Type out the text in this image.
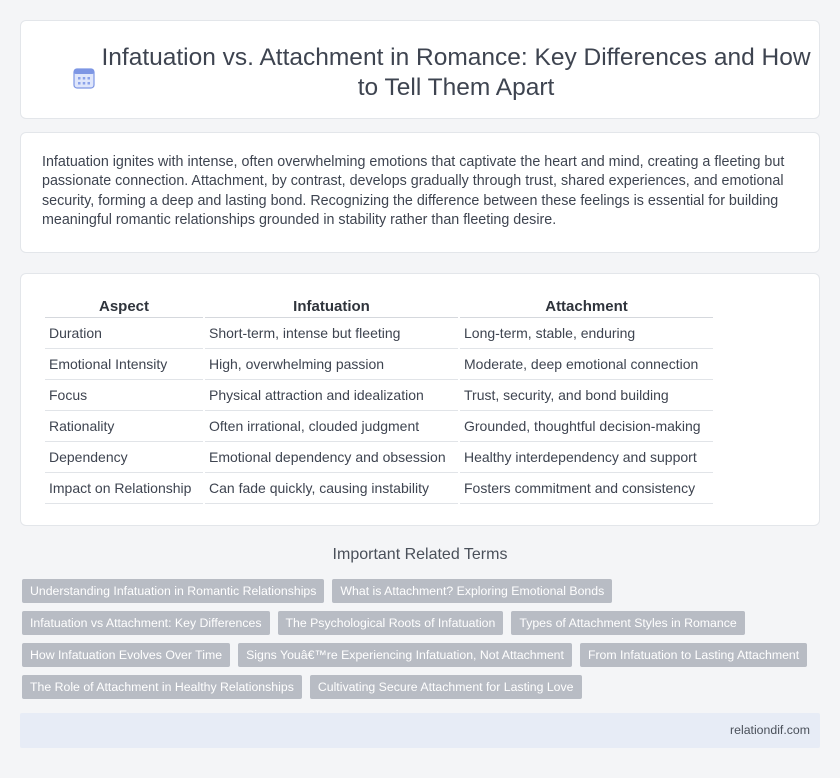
Infatuation vs. Attachment in Romance: Key Differences and How to Tell Them Apart

Infatuation ignites with intense, often overwhelming emotions that captivate the heart and mind, creating a fleeting but passionate connection. Attachment, by contrast, develops gradually through trust, shared experiences, and emotional security, forming a deep and lasting bond. Recognizing the difference between these feelings is essential for building meaningful romantic relationships grounded in stability rather than fleeting desire.

Aspect	Infatuation	Attachment
Duration	Short-term, intense but fleeting	Long-term, stable, enduring
Emotional Intensity	High, overwhelming passion	Moderate, deep emotional connection
Focus	Physical attraction and idealization	Trust, security, and bond building
Rationality	Often irrational, clouded judgment	Grounded, thoughtful decision-making
Dependency	Emotional dependency and obsession	Healthy interdependency and support
Impact on Relationship	Can fade quickly, causing instability	Fosters commitment and consistency
Important Related Terms
Understanding Infatuation in Romantic Relationships	What is Attachment? Exploring Emotional Bonds
Infatuation vs Attachment: Key Differences	The Psychological Roots of Infatuation	Types of Attachment Styles in Romance
How Infatuation Evolves Over Time	Signs Youâ€™re Experiencing Infatuation, Not Attachment	From Infatuation to Lasting Attachment
The Role of Attachment in Healthy Relationships	Cultivating Secure Attachment for Lasting Love
relationdif.com
